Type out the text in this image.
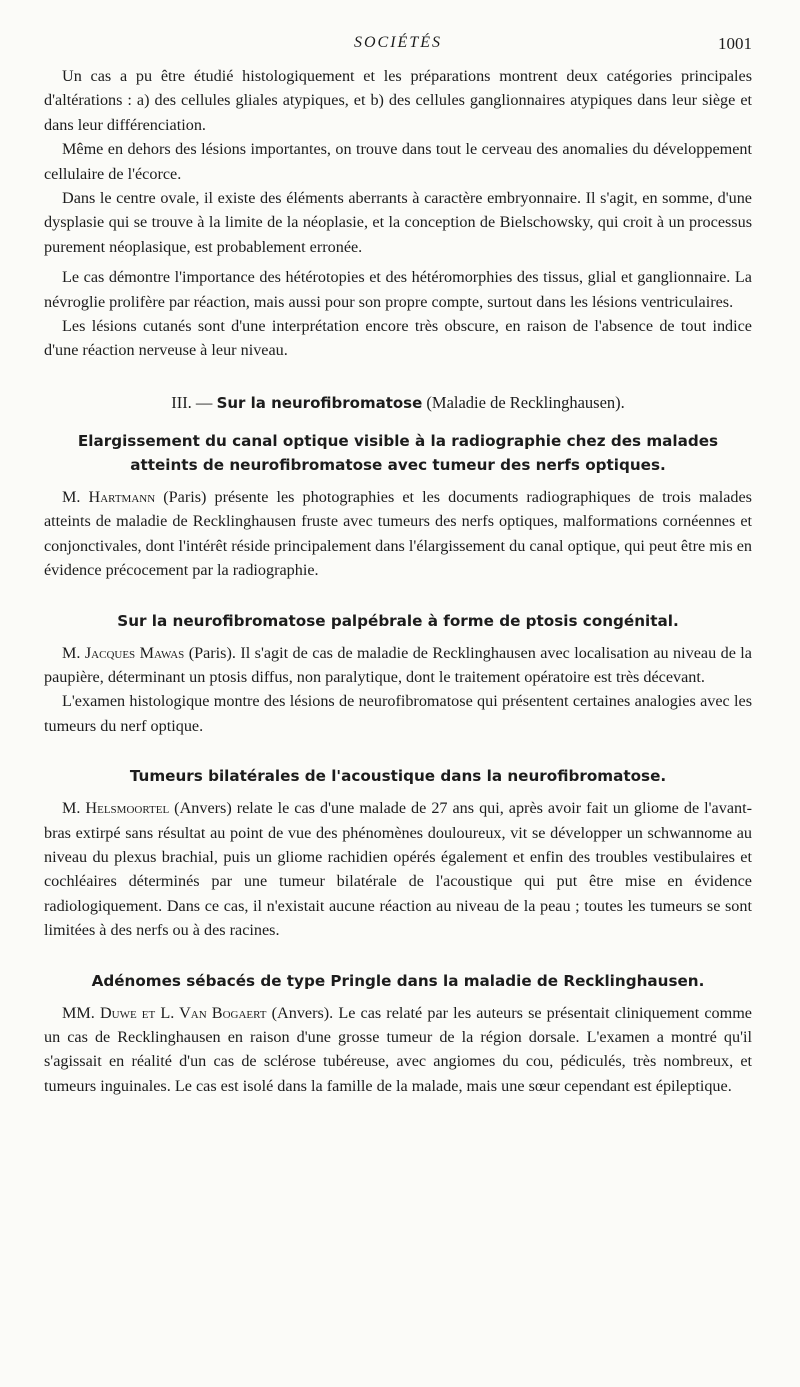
SOCIÉTÉS	1001

Un cas a pu être étudié histologiquement et les préparations montrent deux catégories principales d'altérations : a) des cellules gliales atypiques, et b) des cellules ganglionnaires atypiques dans leur siège et dans leur différenciation.

Même en dehors des lésions importantes, on trouve dans tout le cerveau des anomalies du développement cellulaire de l'écorce.

Dans le centre ovale, il existe des éléments aberrants à caractère embryonnaire. Il s'agit, en somme, d'une dysplasie qui se trouve à la limite de la néoplasie, et la conception de Bielschowsky, qui croit à un processus purement néoplasique, est probablement erronée.

Le cas démontre l'importance des hétérotopies et des hétéromorphies des tissus, glial et ganglionnaire. La névroglie prolifère par réaction, mais aussi pour son propre compte, surtout dans les lésions ventriculaires.

Les lésions cutanés sont d'une interprétation encore très obscure, en raison de l'absence de tout indice d'une réaction nerveuse à leur niveau.

III. — Sur la neurofibromatose (Maladie de Recklinghausen).
Elargissement du canal optique visible à la radiographie chez des malades atteints de neurofibromatose avec tumeur des nerfs optiques.

M. Hartmann (Paris) présente les photographies et les documents radiographiques de trois malades atteints de maladie de Recklinghausen fruste avec tumeurs des nerfs optiques, malformations cornéennes et conjonctivales, dont l'intérêt réside principalement dans l'élargissement du canal optique, qui peut être mis en évidence précocement par la radiographie.

Sur la neurofibromatose palpébrale à forme de ptosis congénital.

M. Jacques Mawas (Paris). Il s'agit de cas de maladie de Recklinghausen avec localisation au niveau de la paupière, déterminant un ptosis diffus, non paralytique, dont le traitement opératoire est très décevant.

L'examen histologique montre des lésions de neurofibromatose qui présentent certaines analogies avec les tumeurs du nerf optique.

Tumeurs bilatérales de l'acoustique dans la neurofibromatose.

M. Helsmoortel (Anvers) relate le cas d'une malade de 27 ans qui, après avoir fait un gliome de l'avant-bras extirpé sans résultat au point de vue des phénomènes douloureux, vit se développer un schwannome au niveau du plexus brachial, puis un gliome rachidien opérés également et enfin des troubles vestibulaires et cochléaires déterminés par une tumeur bilatérale de l'acoustique qui put être mise en évidence radiologiquement. Dans ce cas, il n'existait aucune réaction au niveau de la peau ; toutes les tumeurs se sont limitées à des nerfs ou à des racines.

Adénomes sébacés de type Pringle dans la maladie de Recklinghausen.

MM. Duwe et L. Van Bogaert (Anvers). Le cas relaté par les auteurs se présentait cliniquement comme un cas de Recklinghausen en raison d'une grosse tumeur de la région dorsale. L'examen a montré qu'il s'agissait en réalité d'un cas de sclérose tubéreuse, avec angiomes du cou, pédiculés, très nombreux, et tumeurs inguinales. Le cas est isolé dans la famille de la malade, mais une sœur cependant est épileptique.
